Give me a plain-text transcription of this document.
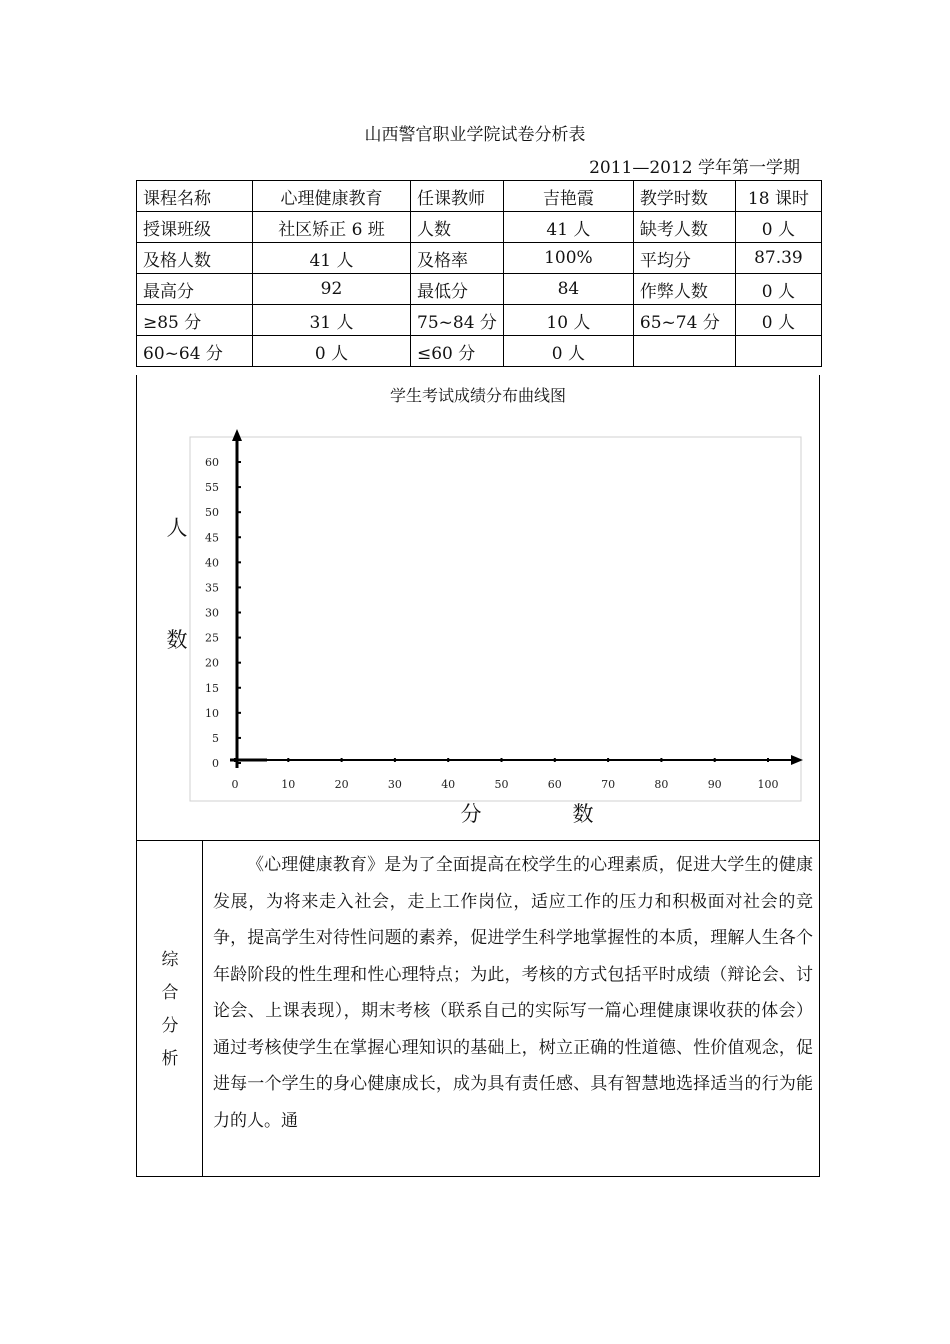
山西警官职业学院试卷分析表
2011—2012 学年第一学期
课程名称	心理健康教育	任课教师	吉艳霞	教学时数	18 课时
授课班级	社区矫正 6 班	人数	41 人	缺考人数	0 人
及格人数	41 人	及格率	100%	平均分	87.39
最高分	92	最低分	84	作弊人数	0 人
≥85 分	31 人	75~84 分	10 人	65~74 分	0 人
60~64 分	0 人	≤60 分	0 人		
学生考试成绩分布曲线图
0
5
10
15
20
25
30
35
40
45
50
55
60
0	10	20	30	40	50	60	70	80	90	100
人
数
分	数
综
合
分
析
《心理健康教育》是为了全面提高在校学生的心理素质，促进大学生的健康发展，为将来走入社会，走上工作岗位，适应工作的压力和积极面对社会的竞争，提高学生对待性问题的素养，促进学生科学地掌握性的本质，理解人生各个年龄阶段的性生理和性心理特点；为此，考核的方式包括平时成绩（辩论会、讨论会、上课表现），期末考核（联系自己的实际写一篇心理健康课收获的体会）通过考核使学生在掌握心理知识的基础上，树立正确的性道德、性价值观念，促进每一个学生的身心健康成长，成为具有责任感、具有智慧地选择适当的行为能力的人。通
